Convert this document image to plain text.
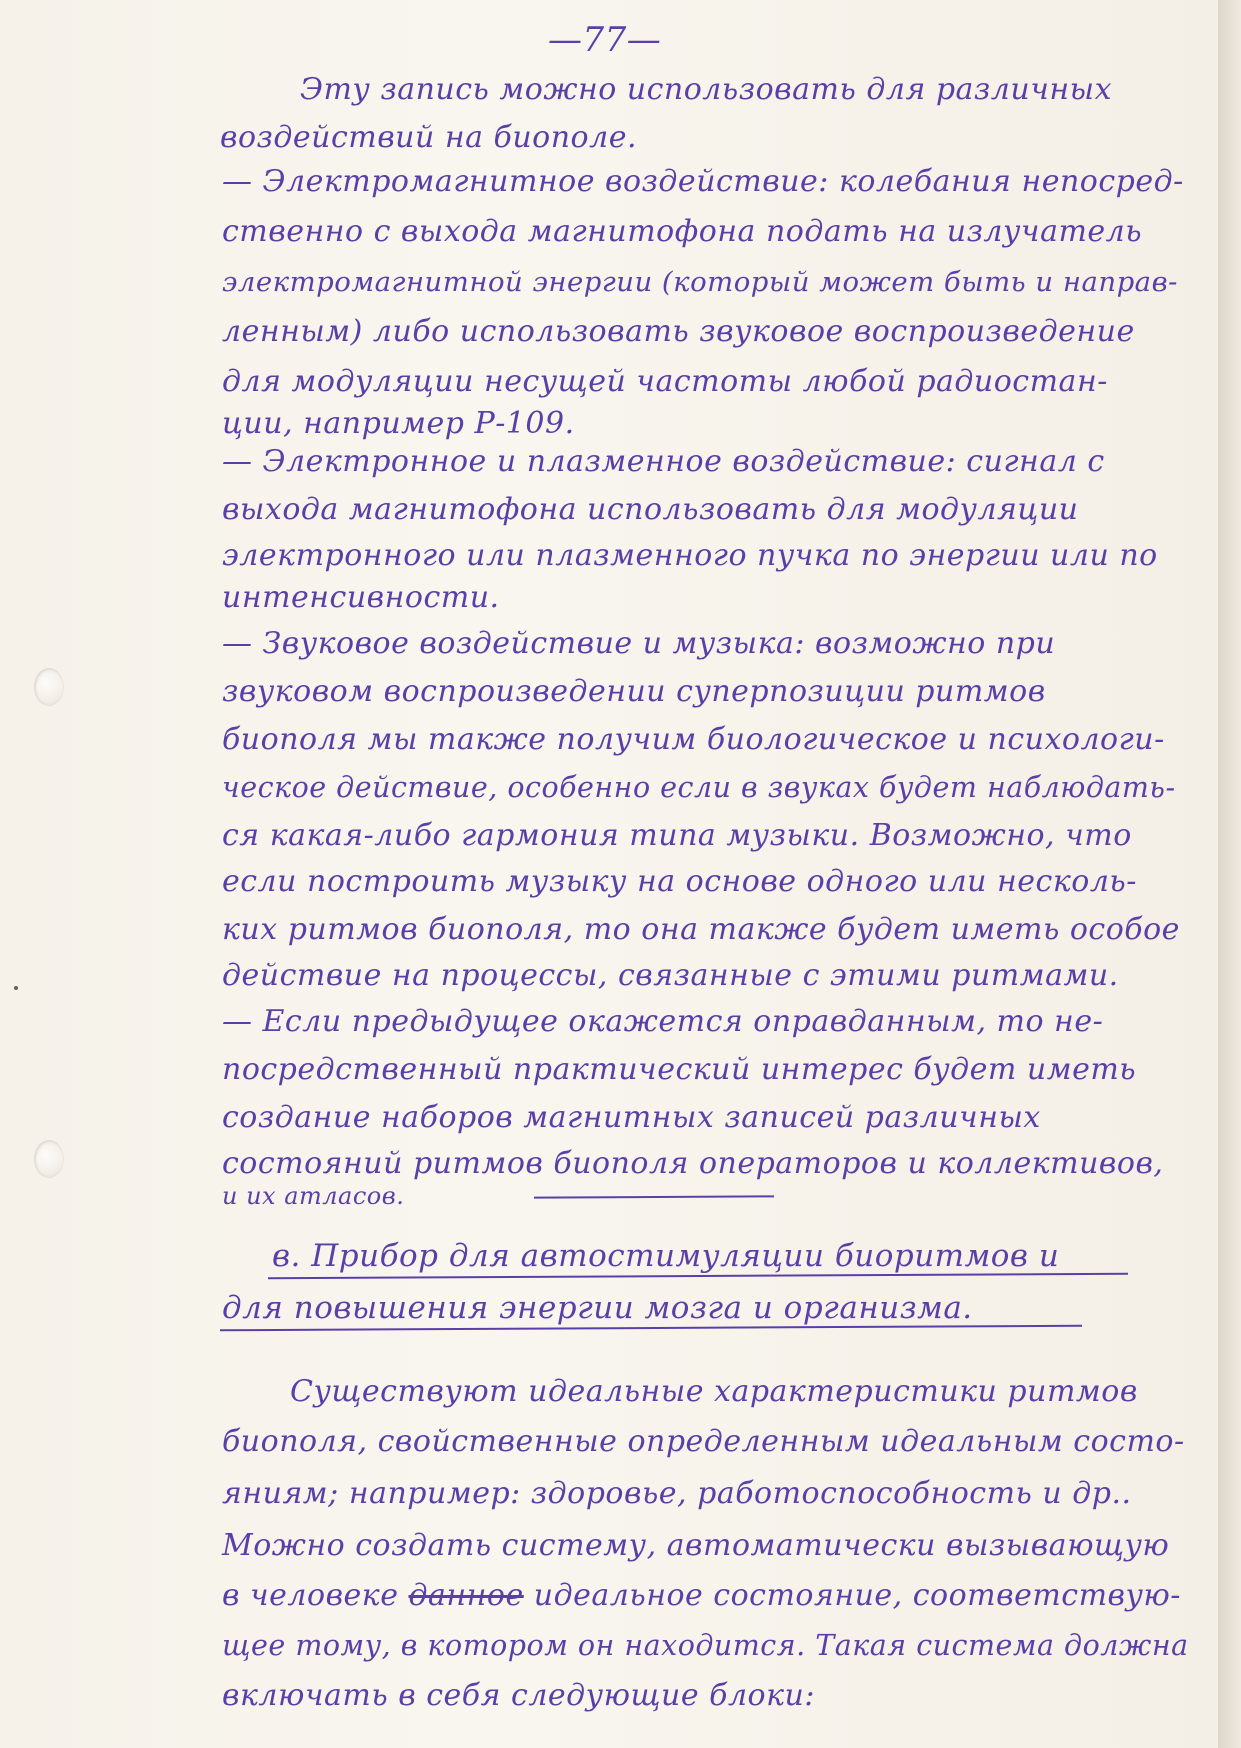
—77—
Эту запись можно использовать для различных
воздействий на биополе.
— Электромагнитное воздействие: колебания непосред-
ственно с выхода магнитофона подать на излучатель
электромагнитной энергии (который может быть и направ-
ленным) либо использовать звуковое воспроизведение
для модуляции несущей частоты любой радиостан-
ции, например Р-109.
— Электронное и плазменное воздействие: сигнал с
выхода магнитофона использовать для модуляции
электронного или плазменного пучка по энергии или по
интенсивности.
— Звуковое воздействие и музыка: возможно при
звуковом воспроизведении суперпозиции ритмов
биополя мы также получим биологическое и психологи-
ческое действие, особенно если в звуках будет наблюдать-
ся какая-либо гармония типа музыки. Возможно, что
если построить музыку на основе одного или несколь-
ких ритмов биополя, то она также будет иметь особое
действие на процессы, связанные с этими ритмами.
— Если предыдущее окажется оправданным, то не-
посредственный практический интерес будет иметь
создание наборов магнитных записей различных
состояний ритмов биополя операторов и коллективов,
и их атласов.
в. Прибор для автостимуляции биоритмов и
для повышения энергии мозга и организма.
Существуют идеальные характеристики ритмов
биополя, свойственные определенным идеальным состо-
яниям; например: здоровье, работоспособность и др..
Можно создать систему, автоматически вызывающую
в человеке данное идеальное состояние, соответствую-
щее тому, в котором он находится. Такая система должна
включать в себя следующие блоки:
